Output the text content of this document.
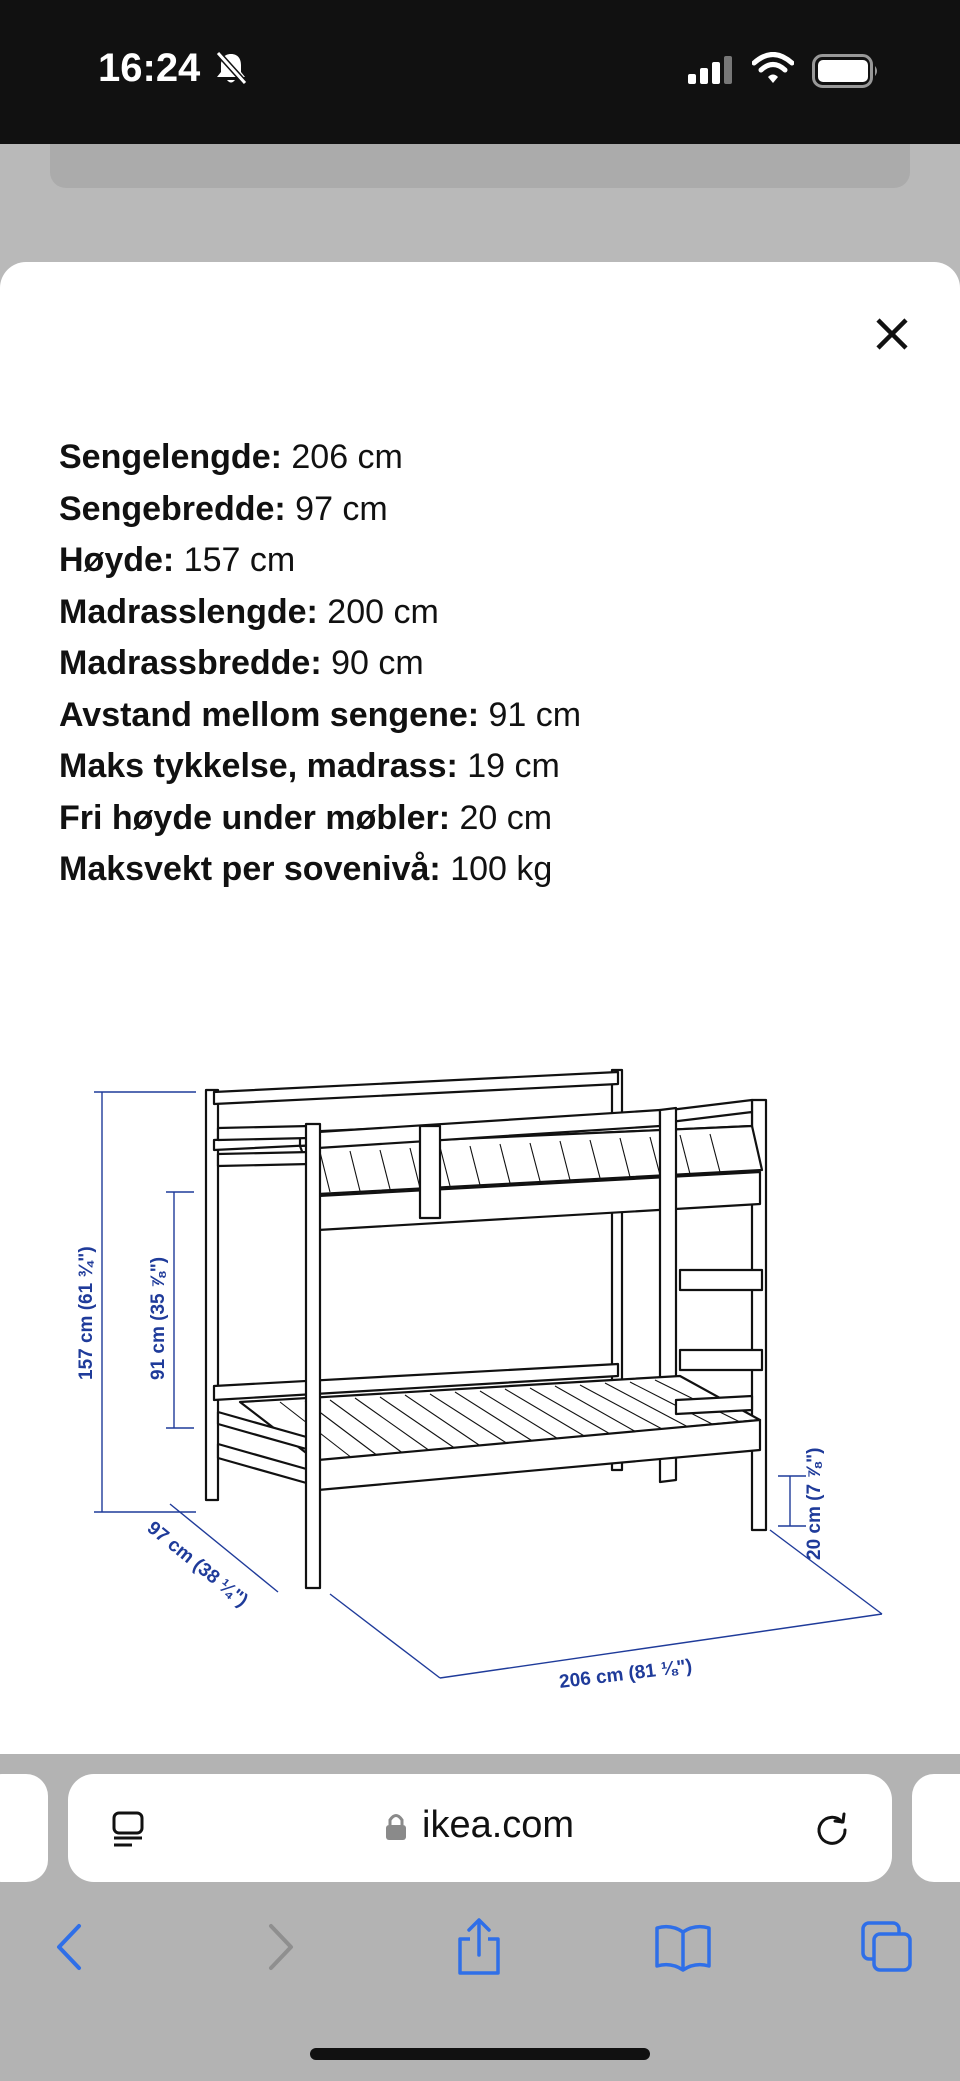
16:24
Sengelengde: 206 cm
Sengebredde: 97 cm
Høyde: 157 cm
Madrasslengde: 200 cm
Madrassbredde: 90 cm
Avstand mellom sengene: 91 cm
Maks tykkelse, madrass: 19 cm
Fri høyde under møbler: 20 cm
Maksvekt per sovenivå: 100 kg
157 cm (61 ¾")	91 cm (35 ⅞")
97 cm (38 ¼")
206 cm (81 ⅛")
20 cm (7 ⅞")
ikea.com
